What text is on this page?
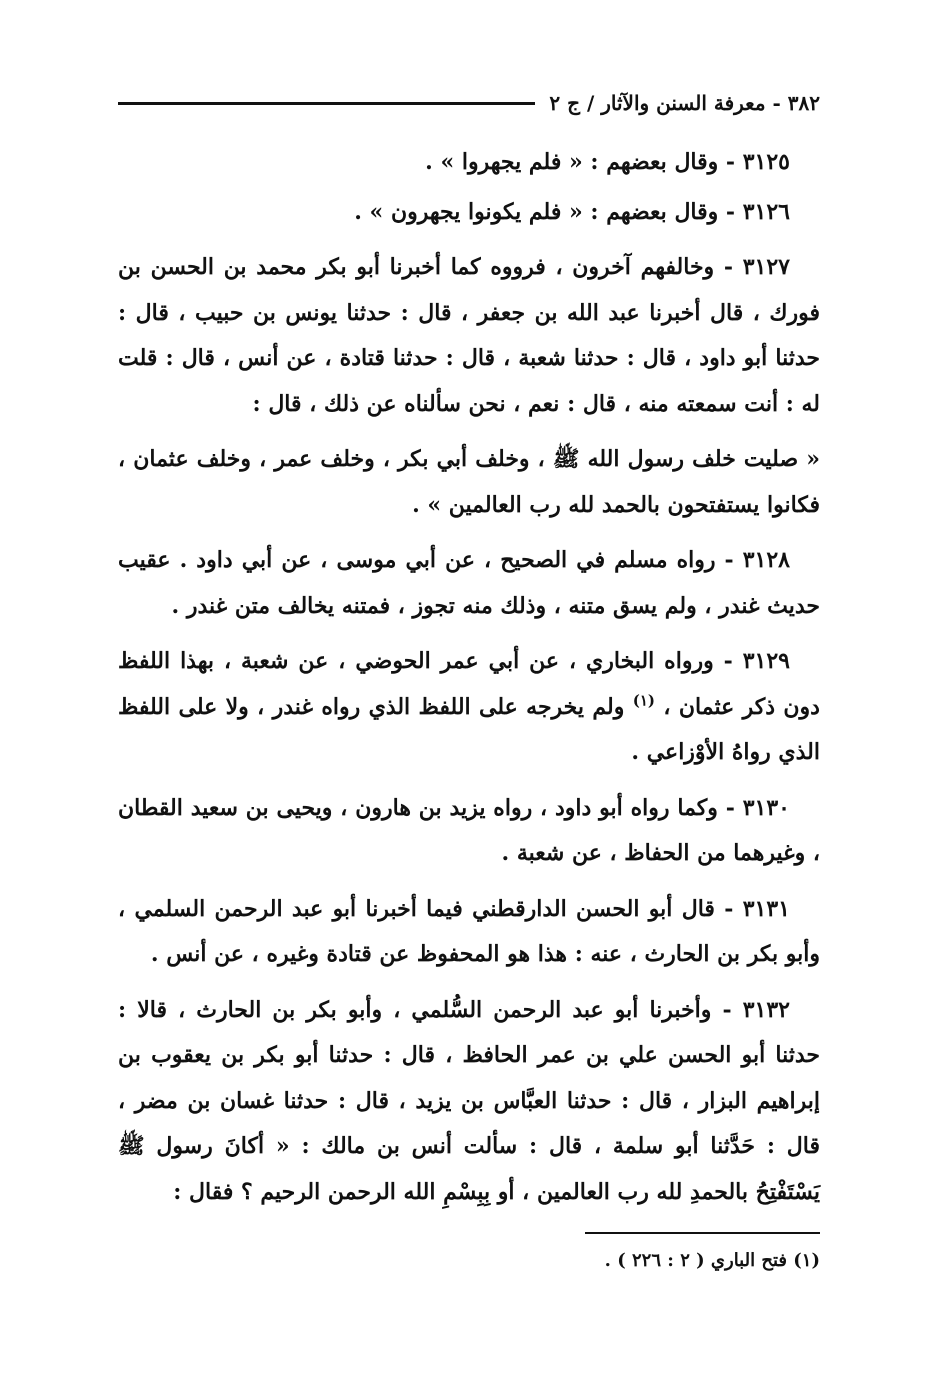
٣٨٢ - معرفة السنن والآثار / ج ٢

٣١٢٥ - وقال بعضهم : « فلم يجهروا » .

٣١٢٦ - وقال بعضهم : « فلم يكونوا يجهرون » .

٣١٢٧ - وخالفهم آخرون ، فرووه كما أخبرنا أبو بكر محمد بن الحسن بن فورك ، قال أخبرنا عبد الله بن جعفر ، قال : حدثنا يونس بن حبيب ، قال : حدثنا أبو داود ، قال : حدثنا شعبة ، قال : حدثنا قتادة ، عن أنس ، قال : قلت له : أنت سمعته منه ، قال : نعم ، نحن سألناه عن ذلك ، قال :

« صليت خلف رسول الله ﷺ ، وخلف أبي بكر ، وخلف عمر ، وخلف عثمان ، فكانوا يستفتحون بالحمد لله رب العالمين » .

٣١٢٨ - رواه مسلم في الصحيح ، عن أبي موسى ، عن أبي داود . عقيب حديث غندر ، ولم يسق متنه ، وذلك منه تجوز ، فمتنه يخالف متن غندر .

٣١٢٩ - ورواه البخاري ، عن أبي عمر الحوضي ، عن شعبة ، بهذا اللفظ دون ذكر عثمان ، $^{(١)}$ ولم يخرجه على اللفظ الذي رواه غندر ، ولا على اللفظ الذي رواهُ الأوْزاعي .

٣١٣٠ - وكما رواه أبو داود ، رواه يزيد بن هارون ، ويحيى بن سعيد القطان ، وغيرهما من الحفاظ ، عن شعبة .

٣١٣١ - قال أبو الحسن الدارقطني فيما أخبرنا أبو عبد الرحمن السلمي ، وأبو بكر بن الحارث ، عنه : هذا هو المحفوظ عن قتادة وغيره ، عن أنس .

٣١٣٢ - وأخبرنا أبو عبد الرحمن السُّلمي ، وأبو بكر بن الحارث ، قالا : حدثنا أبو الحسن علي بن عمر الحافظ ، قال : حدثنا أبو بكر بن يعقوب بن إبراهيم البزار ، قال : حدثنا العبَّاس بن يزيد ، قال : حدثنا غسان بن مضر ، قال : حَدَّثنا أبو سلمة ، قال : سألت أنس بن مالك : « أكانَ رسول ﷺ يَسْتَفْتِحُ بالحمدِ لله رب العالمين ، أو بِبِسْمِ الله الرحمن الرحيم ؟ فقال :

(١) فتح الباري ( ٢ : ٢٢٦ ) .
